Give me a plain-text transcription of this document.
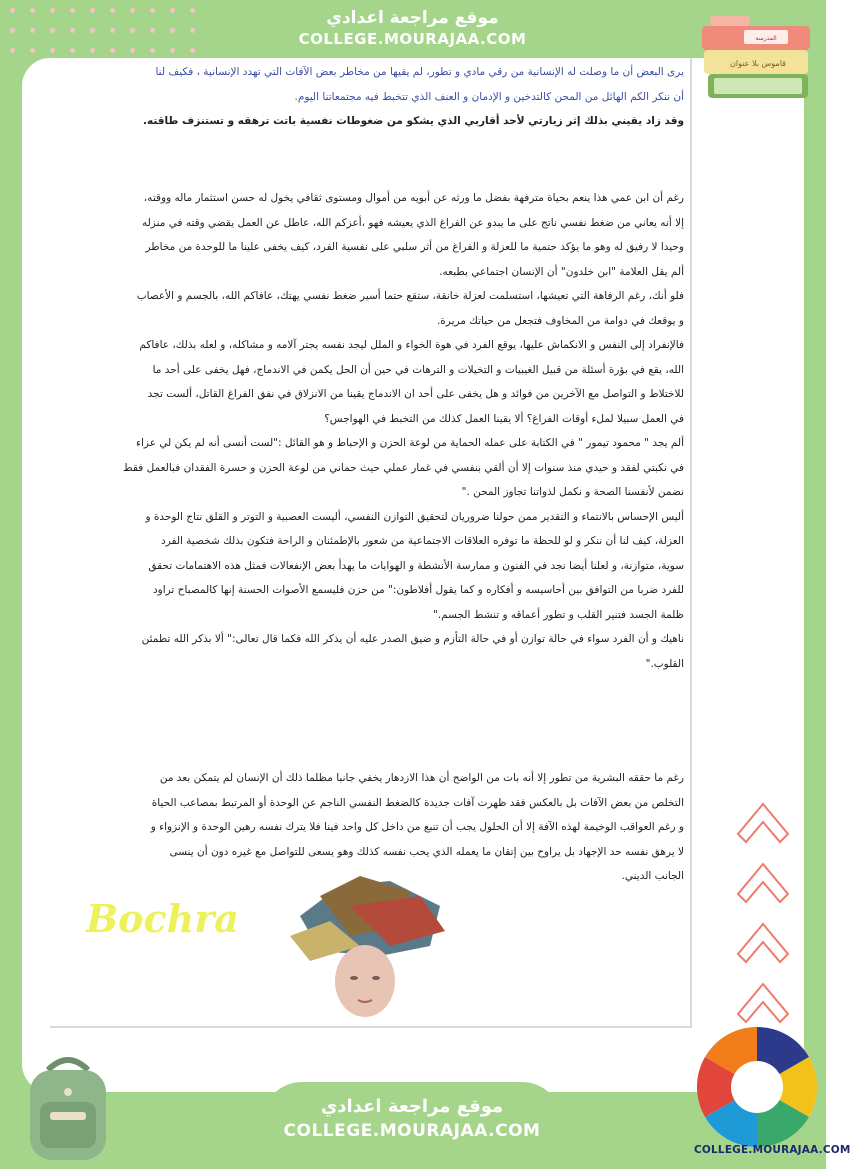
موقع مراجعة اعدادي
COLLEGE.MOURAJAA.COM
قاموس بلا عنوان
المدرسة

يرى البعض أن ما وصلت له الإنسانية من رقي مادي و تطور، لم يقيها من مخاطر بعض الآفات التي تهدد الإنسانية ، فكيف لنا

أن ننكر الكم الهائل من المحن كالتدخين و الإدمان و العنف الذي تتخبط فيه مجتمعاتنا اليوم.

وقد زاد يقيني بذلك إثر زيارتي لأحد أقاربي الذي يشكو من ضغوطات نفسية باتت ترهقه و تستنزف طاقته.

رغم أن ابن عمي هذا ينعم بحياة مترفهة بفضل ما ورثه عن أبويه من أموال ومستوى ثقافي يخول له حسن استثمار ماله ووقته،

إلا أنه يعاني من ضغط نفسي ناتج على ما يبدو عن الفراغ الذي يعيشه فهو ،أعزكم الله، عاطل عن العمل يقضي وقته في منزله

وحيدا لا رفيق له وهو ما يؤكد حتمية ما للعزلة و الفراغ من أثر سلبي على نفسية الفرد، كيف يخفى علينا ما للوحدة من مخاطر

ألم يقل العلامة "ابن خلدون" أن الإنسان اجتماعي بطبعه.

فلو أنك، رغم الرفاهة التي تعيشها، استسلمت لعزلة خانقة، ستقع حتما أسير ضغط نفسي يهتك، عافاكم الله، بالجسم و الأعصاب

و يوقعك في دوامة من المخاوف فتجعل من حياتك مريرة.

فالإنفراد إلى النفس و الانكماش عليها، يوقع الفرد في هوة الخواء و الملل ليجد نفسه يجتر آلامه و مشاكله، و لعله بذلك، عافاكم

الله، يقع في بؤرة أسئلة من قبيل الغيبيات و التخيلات و الترهات في حين أن الحل يكمن في الاندماج، فهل يخفى على أحد ما

للاختلاط و التواصل مع الآخرين من فوائد و هل يخفى على أحد ان الاندماج يقينا من الانزلاق في نفق الفراغ القاتل، ألست تجد

في العمل سبيلا لملء أوقات الفراغ؟ ألا يقينا العمل كذلك من التخبط في الهواجس؟

ألم يجد " محمود تيمور " في الكتابة على عمله الحماية من لوعة الحزن و الإحباط و هو القائل :"لست أنسى أنه لم يكن لي عزاء

في نكبتي لفقد و حيدي منذ سنوات إلا أن ألقي بنفسي في غمار عملي حيث حماني من لوعة الحزن و حسرة الفقدان فبالعمل فقط

نضمن لأنفسنا الصحة و نكمل لذواتنا تجاوز المحن ."

أليس الإحساس بالانتماء و التقدير ممن حولنا ضروريان لتحقيق التوازن النفسي، أليست العصبية و التوتر و القلق نتاج الوحدة و

العزلة، كيف لنا أن ننكر و لو للحظة ما توفره العلاقات الاجتماعية من شعور بالإطمئنان و الراحة فتكون بذلك شخصية الفرد

سوية، متوازنة، و لعلنا أيضا نجد في الفنون و ممارسة الأنشطة و الهوايات ما يهدأ بعض الإنفعالات فمثل هذه الاهتمامات تحقق

للفرد ضربا من التوافق بين أحاسيسه و أفكاره و كما يقول أفلاطون:" من حزن فليسمع الأصوات الحسنة إنها كالمصباح تراود

ظلمة الجسد فتنير القلب و تطور أعماقه و تنشط الجسم."

ناهيك و أن الفرد سواء في حالة توازن أو في حالة التأزم و ضيق الصدر عليه أن يذكر الله فكما قال تعالى:" ألا بذكر الله تطمئن

القلوب."

رغم ما حققه البشرية من تطور إلا أنه بات من الواضح أن هذا الازدهار يخفي جانبا مظلما ذلك أن الإنسان لم يتمكن بعد من

التخلص من بعض الآفات بل بالعكس فقد ظهرت آفات جديدة كالضغط النفسي الناجم عن الوحدة أو المرتبط بمصاعب الحياة

و رغم العواقب الوخيمة لهذه الآفة إلا أن الحلول يجب أن تنبع من داخل كل واحد فينا فلا يترك نفسه رهين الوحدة و الإنزواء و

لا يرهق نفسه حد الإجهاد بل يراوح بين إتقان ما يعمله الذي يحب نفسه كذلك وهو يسعى للتواصل مع غيره دون أن ينسى

الجانب الديني.

Bochra
COLLEGE.MOURAJAA.COM
موقع مراجعة اعدادي
COLLEGE.MOURAJAA.COM
